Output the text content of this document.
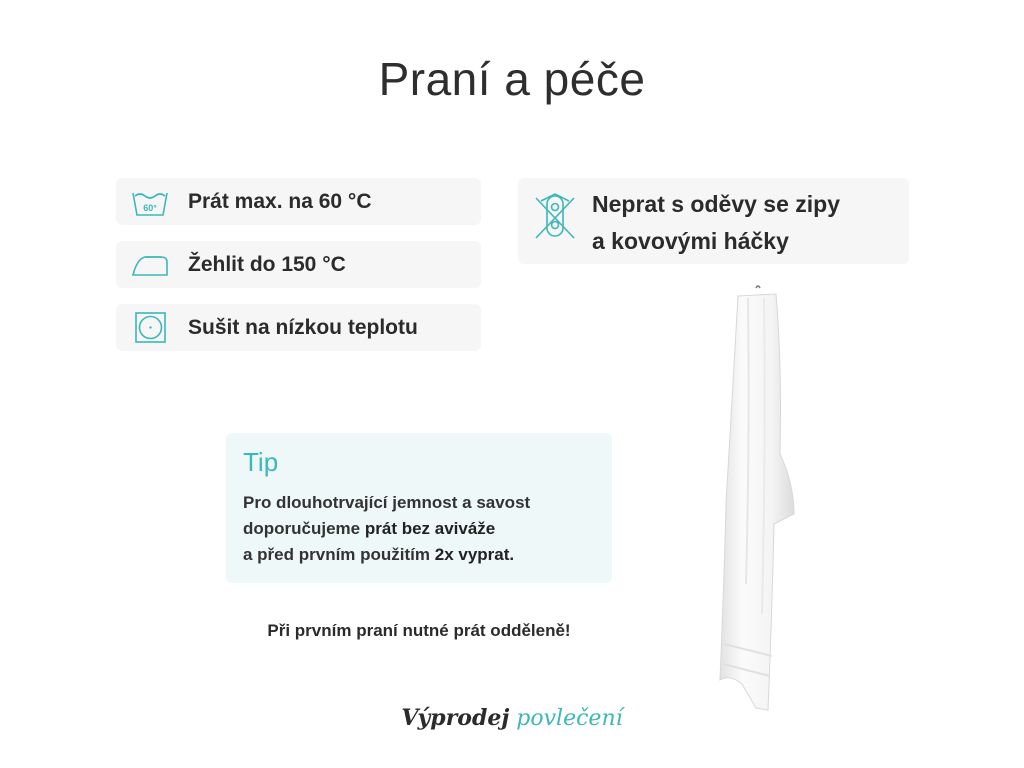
Praní a péče
60° Prát max. na 60 °C
Žehlit do 150 °C
Sušit na nízkou teplotu
Neprat s oděvy se zipy
a kovovými háčky
Tip
Pro dlouhotrvající jemnost a savost
doporučujeme prát bez aviváže
a před prvním použitím 2x vyprat.
Při prvním praní nutné prát odděleně!
Výprodej povlečení
